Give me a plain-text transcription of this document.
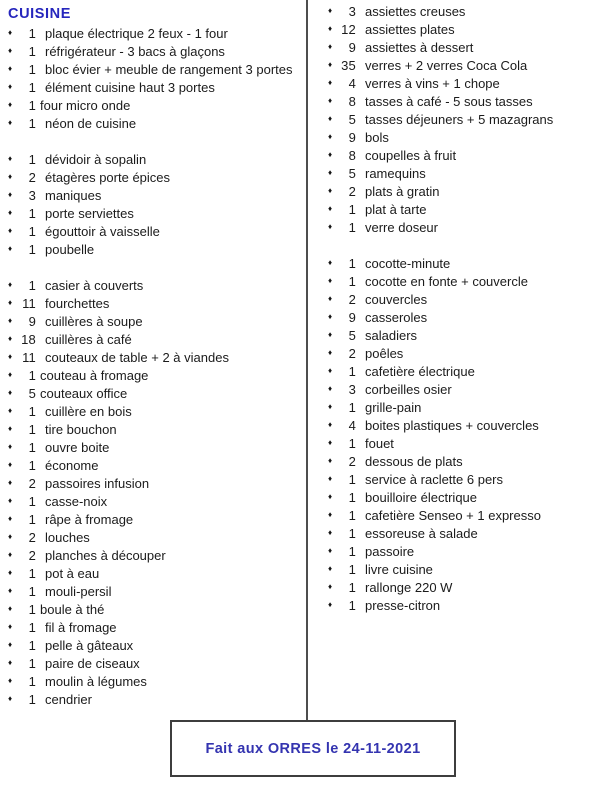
CUISINE
♦	1 plaque électrique 2 feux - 1 four
♦	1 réfrigérateur - 3 bacs à glaçons
♦	1 bloc évier + meuble de rangement 3 portes
♦	1 élément cuisine haut 3 portes
♦	1 four micro onde
♦	1 néon de cuisine
♦	1 dévidoir à sopalin
♦	2 étagères porte épices
♦	3 maniques
♦	1 porte serviettes
♦	1 égouttoir à vaisselle
♦	1 poubelle
♦	1 casier à couverts
♦ 11 fourchettes
♦	9 cuillères à soupe
♦ 18 cuillères à café
♦ 11 couteaux de table + 2 à viandes
♦	1 couteau à fromage
♦	5 couteaux office
♦	1 cuillère en bois
♦	1 tire bouchon
♦	1 ouvre boite
♦	1 économe
♦	2 passoires infusion
♦	1 casse-noix
♦	1 râpe à fromage
♦	2 louches
♦	2 planches à découper
♦	1 pot à eau
♦	1 mouli-persil
♦	1 boule à thé
♦	1 fil à fromage
♦	1 pelle à gâteaux
♦	1 paire de ciseaux
♦	1 moulin à légumes
♦	1 cendrier
♦	3 assiettes creuses
♦ 12 assiettes plates
♦	9 assiettes à dessert
♦ 35 verres + 2 verres Coca Cola
♦	4 verres à vins + 1 chope
♦	8 tasses à café - 5 sous tasses
♦	5 tasses déjeuners + 5 mazagrans
♦	9 bols
♦	8 coupelles à fruit
♦	5 ramequins
♦	2 plats à gratin
♦	1 plat à tarte
♦	1 verre doseur
♦	1 cocotte-minute
♦	1 cocotte en fonte + couvercle
♦	2 couvercles
♦	9 casseroles
♦	5 saladiers
♦	2 poêles
♦	1 cafetière électrique
♦	3 corbeilles osier
♦	1 grille-pain
♦	4 boites plastiques + couvercles
♦	1 fouet
♦	2 dessous de plats
♦	1 service à raclette 6 pers
♦	1 bouilloire électrique
♦	1 cafetière Senseo + 1 expresso
♦	1 essoreuse à salade
♦	1 passoire
♦	1 livre cuisine
♦	1 rallonge 220 W
♦	1 presse-citron
Fait aux ORRES le 24-11-2021
